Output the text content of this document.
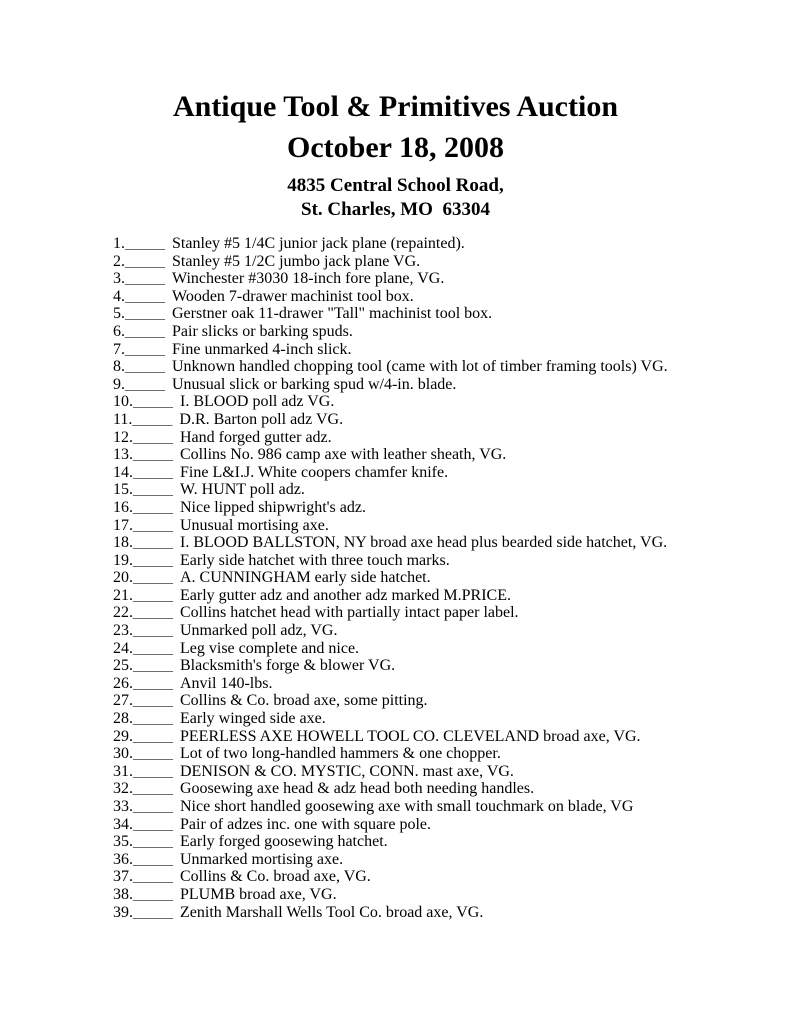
Antique Tool & Primitives Auction
October 18, 2008
4835 Central School Road,
St. Charles, MO  63304
1._____ Stanley #5 1/4C junior jack plane (repainted).
2._____ Stanley #5 1/2C jumbo jack plane VG.
3._____ Winchester #3030 18-inch fore plane, VG.
4._____ Wooden 7-drawer machinist tool box.
5._____ Gerstner oak 11-drawer "Tall" machinist tool box.
6._____ Pair slicks or barking spuds.
7._____ Fine unmarked 4-inch slick.
8._____ Unknown handled chopping tool (came with lot of timber framing tools) VG.
9._____ Unusual slick or barking spud w/4-in. blade.
10._____ I. BLOOD poll adz VG.
11._____ D.R. Barton poll adz VG.
12._____ Hand forged gutter adz.
13._____ Collins No. 986 camp axe with leather sheath, VG.
14._____ Fine L&I.J. White coopers chamfer knife.
15._____ W. HUNT poll adz.
16._____ Nice lipped shipwright's adz.
17._____ Unusual mortising axe.
18._____ I. BLOOD BALLSTON, NY broad axe head plus bearded side hatchet, VG.
19._____ Early side hatchet with three touch marks.
20._____ A. CUNNINGHAM early side hatchet.
21._____ Early gutter adz and another adz marked M.PRICE.
22._____ Collins hatchet head with partially intact paper label.
23._____ Unmarked poll adz, VG.
24._____ Leg vise complete and nice.
25._____ Blacksmith's forge & blower VG.
26._____ Anvil 140-lbs.
27._____ Collins & Co. broad axe, some pitting.
28._____ Early winged side axe.
29._____ PEERLESS AXE HOWELL TOOL CO. CLEVELAND broad axe, VG.
30._____ Lot of two long-handled hammers & one chopper.
31._____ DENISON & CO. MYSTIC, CONN. mast axe, VG.
32._____ Goosewing axe head & adz head both needing handles.
33._____ Nice short handled goosewing axe with small touchmark on blade, VG
34._____ Pair of adzes inc. one with square pole.
35._____ Early forged goosewing hatchet.
36._____ Unmarked mortising axe.
37._____ Collins & Co. broad axe, VG.
38._____ PLUMB broad axe, VG.
39._____ Zenith Marshall Wells Tool Co. broad axe, VG.
